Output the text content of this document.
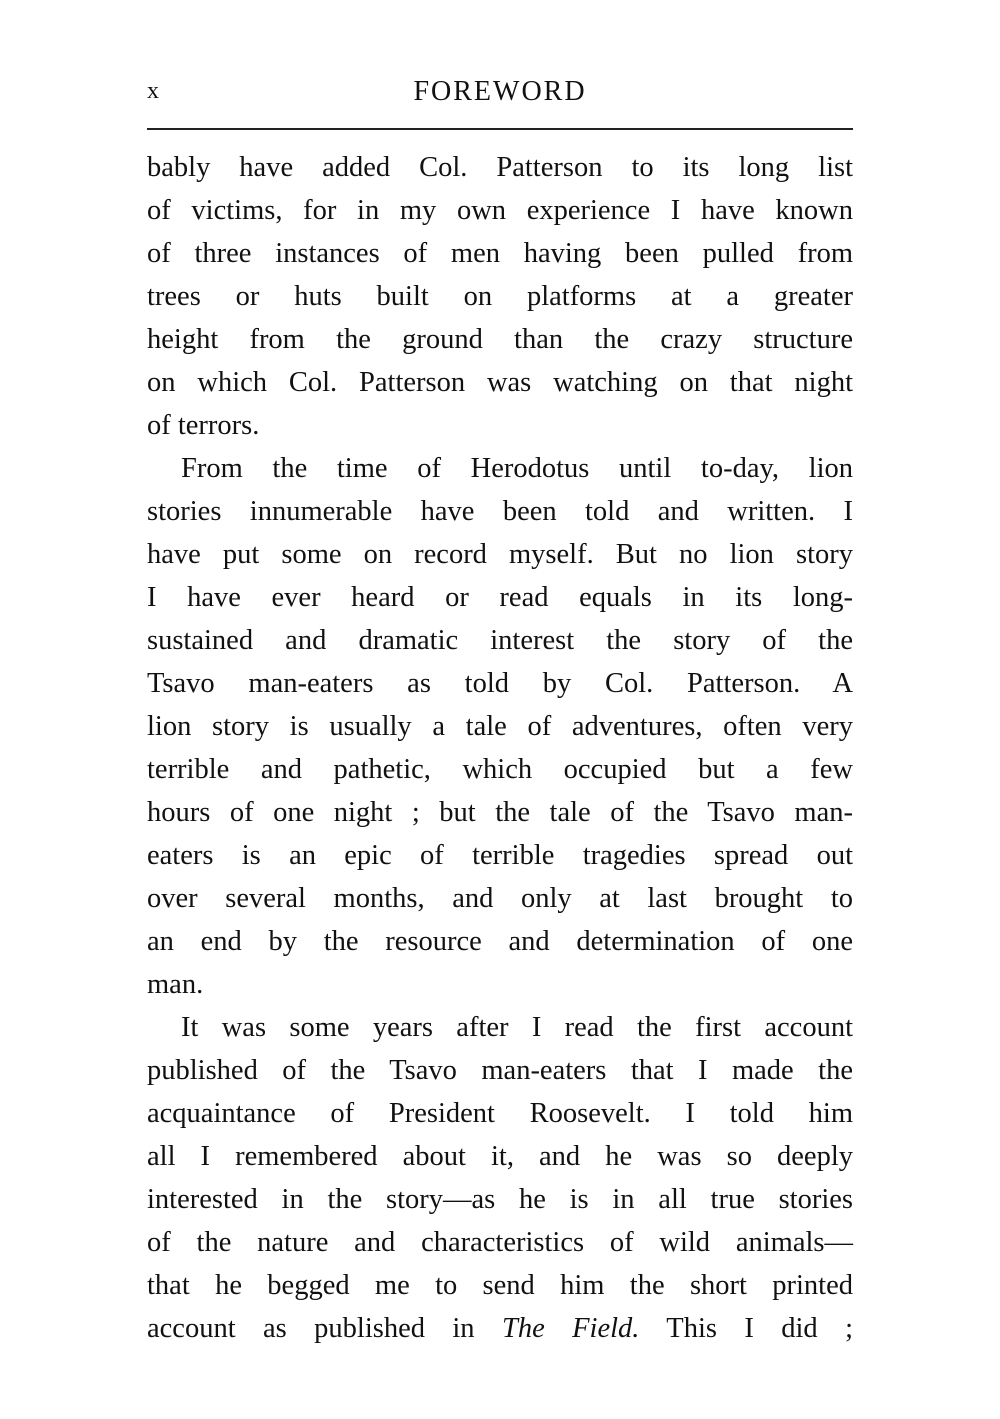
x	FOREWORD
bably have added Col. Patterson to its long list
of victims, for in my own experience I have known
of three instances of men having been pulled from
trees or huts built on platforms at a greater
height from the ground than the crazy structure
on which Col. Patterson was watching on that night
of terrors.
From the time of Herodotus until to-day, lion
stories innumerable have been told and written. I
have put some on record myself. But no lion story
I have ever heard or read equals in its long-
sustained and dramatic interest the story of the
Tsavo man-eaters as told by Col. Patterson. A
lion story is usually a tale of adventures, often very
terrible and pathetic, which occupied but a few
hours of one night ; but the tale of the Tsavo man-
eaters is an epic of terrible tragedies spread out
over several months, and only at last brought to
an end by the resource and determination of one
man.
It was some years after I read the first account
published of the Tsavo man-eaters that I made the
acquaintance of President Roosevelt. I told him
all I remembered about it, and he was so deeply
interested in the story—as he is in all true stories
of the nature and characteristics of wild animals—
that he begged me to send him the short printed
account as published in The Field. This I did ;
